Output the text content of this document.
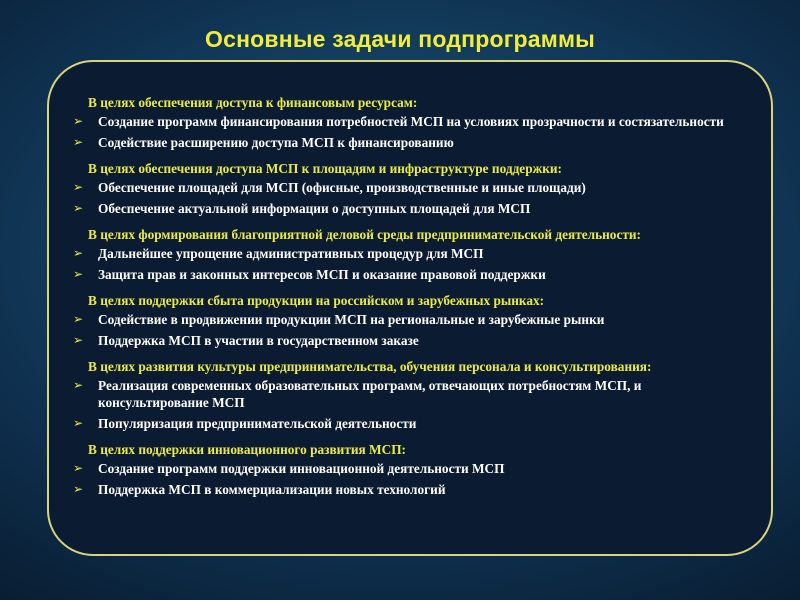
Основные задачи подпрограммы
В целях обеспечения доступа к финансовым ресурсам:
➢ Создание программ финансирования потребностей МСП на условиях прозрачности и состязательности
➢ Содействие расширению доступа МСП к финансированию
В целях обеспечения доступа МСП к площадям и инфраструктуре поддержки:
➢ Обеспечение площадей для МСП (офисные, производственные и иные площади)
➢ Обеспечение актуальной информации о доступных площадей для МСП
В целях формирования благоприятной деловой среды предпринимательской деятельности:
➢ Дальнейшее упрощение административных процедур для МСП
➢ Защита прав и законных интересов МСП и оказание правовой поддержки
В целях поддержки сбыта продукции на российском и зарубежных рынках:
➢ Содействие в продвижении продукции МСП на региональные и зарубежные рынки
➢ Поддержка МСП в участии в государственном заказе
В целях развития культуры предпринимательства, обучения персонала и консультирования:
➢ Реализация современных образовательных программ, отвечающих потребностям МСП, и консультирование МСП
➢ Популяризация предпринимательской деятельности
В целях поддержки инновационного развития МСП:
➢ Создание программ поддержки инновационной деятельности МСП
➢ Поддержка МСП в коммерциализации новых технологий
